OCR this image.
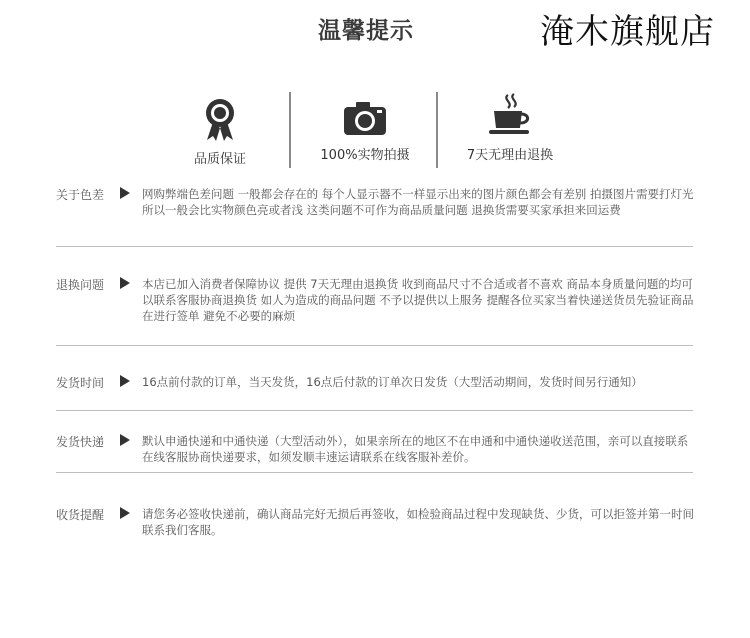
温馨提示	淹木旗舰店
品质保证	100%实物拍摄	7天无理由退换
关于色差	网购弊端色差问题 一般都会存在的 每个人显示器不一样显示出来的图片颜色都会有差别 拍摄图片需要打灯光 所以一般会比实物颜色亮或者浅 这类问题不可作为商品质量问题 退换货需要买家承担来回运费
退换问题	本店已加入消费者保障协议 提供 7天无理由退换货 收到商品尺寸不合适或者不喜欢 商品本身质量问题的均可以联系客服协商退换货 如人为造成的商品问题 不予以提供以上服务 提醒各位买家当着快递送货员先验证商品在进行签单 避免不必要的麻烦
发货时间	16点前付款的订单，当天发货，16点后付款的订单次日发货（大型活动期间，发货时间另行通知）
发货快递	默认申通快递和中通快递（大型活动外），如果亲所在的地区不在申通和中通快递收送范围，亲可以直接联系在线客服协商快递要求，如须发顺丰速运请联系在线客服补差价。
收货提醒	请您务必签收快递前，确认商品完好无损后再签收，如检验商品过程中发现缺货、少货，可以拒签并第一时间联系我们客服。
